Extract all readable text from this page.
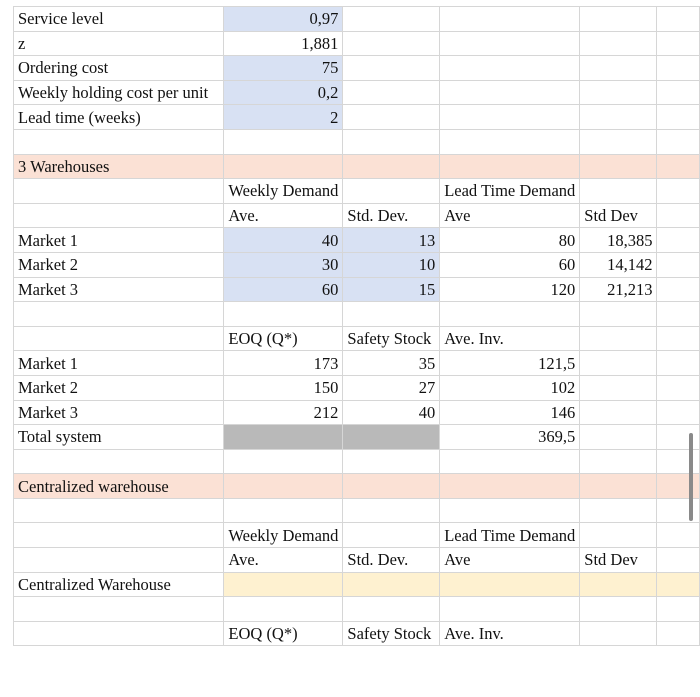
Service level	0,97				
z	1,881				
Ordering cost	75				
Weekly holding cost per unit	0,2				
Lead time (weeks)	2				

3 Warehouses					
	Weekly Demand		Lead Time Demand		
	Ave.	Std. Dev.	Ave	Std Dev	
Market 1	40	13	80	18,385	
Market 2	30	10	60	14,142	
Market 3	60	15	120	21,213	

	EOQ (Q*)	Safety Stock	Ave. Inv.		
Market 1	173	35	121,5		
Market 2	150	27	102		
Market 3	212	40	146		
Total system			369,5		

Centralized warehouse					

	Weekly Demand		Lead Time Demand		
	Ave.	Std. Dev.	Ave	Std Dev	
Centralized Warehouse					

	EOQ (Q*)	Safety Stock	Ave. Inv.		
